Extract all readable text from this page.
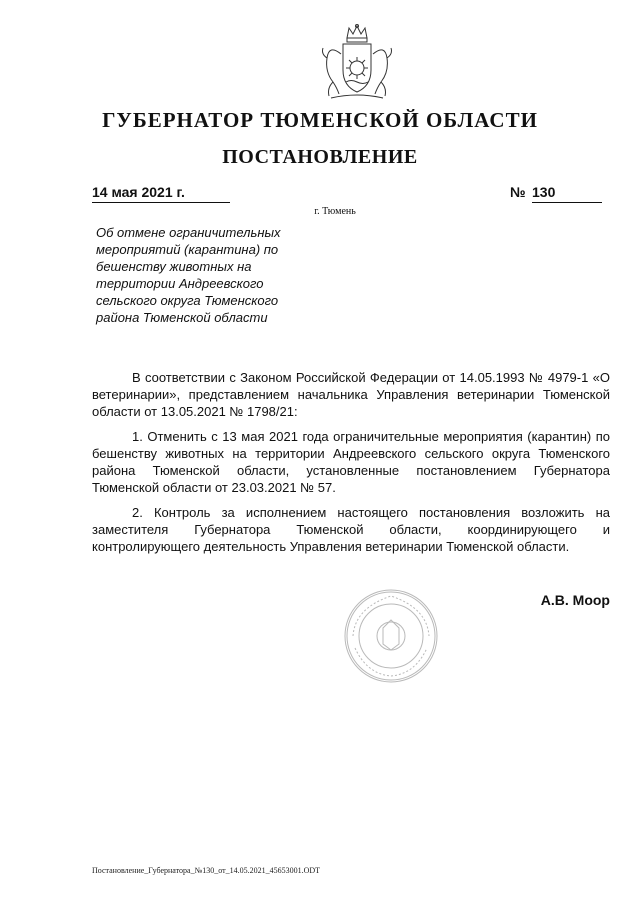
ГУБЕРНАТОР ТЮМЕНСКОЙ ОБЛАСТИ
ПОСТАНОВЛЕНИЕ
14 мая 2021 г.	№ 130
г. Тюмень
Об отмене ограничительных мероприятий (карантина) по бешенству животных на территории Андреевского сельского округа Тюменского района Тюменской области

В соответствии с Законом Российской Федерации от 14.05.1993 № 4979-1 «О ветеринарии», представлением начальника Управления ветеринарии Тюменской области от 13.05.2021 № 1798/21:

1. Отменить с 13 мая 2021 года ограничительные мероприятия (карантин) по бешенству животных на территории Андреевского сельского округа Тюменского района Тюменской области, установленные постановлением Губернатора Тюменской области от 23.03.2021 № 57.

2. Контроль за исполнением настоящего постановления возложить на заместителя Губернатора Тюменской области, координирующего и контролирующего деятельность Управления ветеринарии Тюменской области.

А.В. Моор
Постановление_Губернатора_№130_от_14.05.2021_45653001.ODT
